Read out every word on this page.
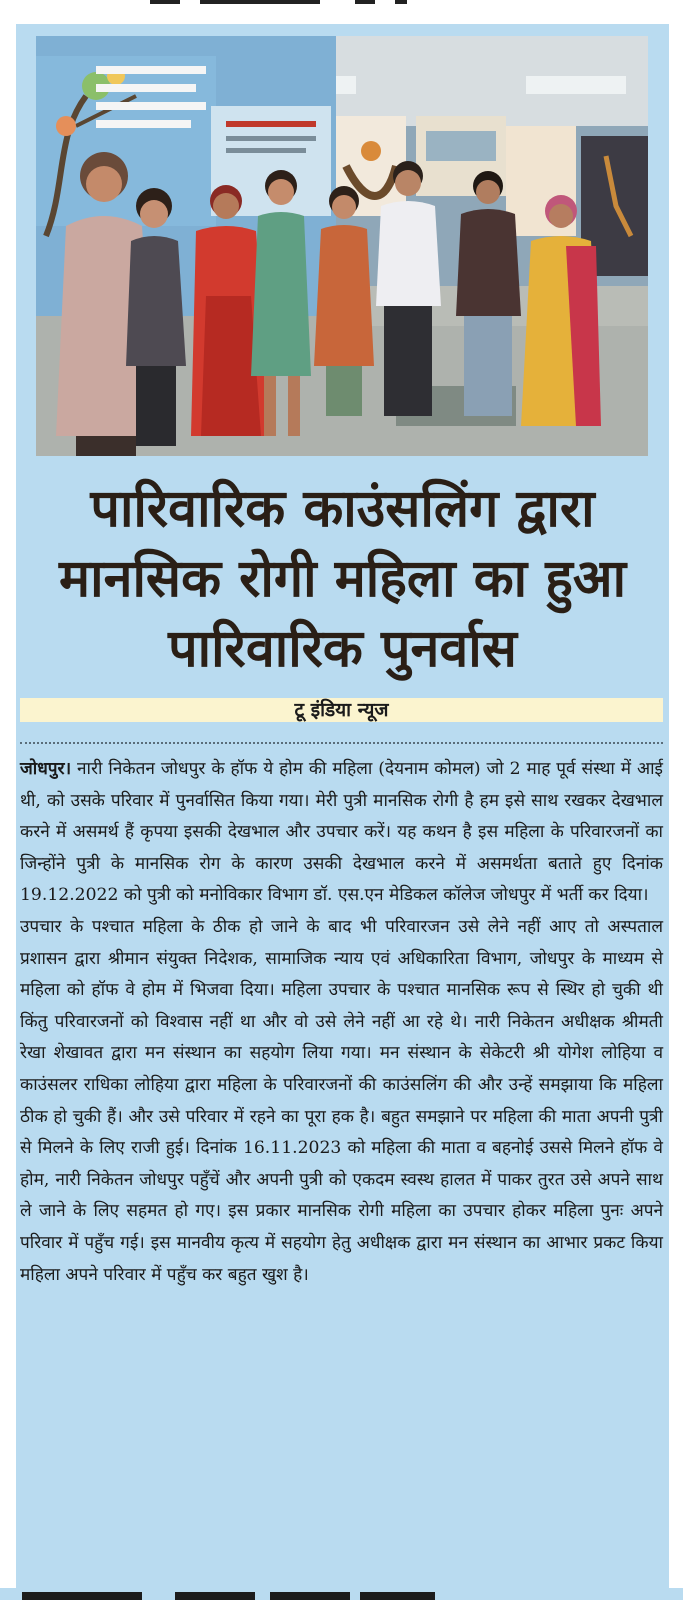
पारिवारिक काउंसलिंग द्वारा
मानसिक रोगी महिला का हुआ
पारिवारिक पुनर्वास
टू इंडिया न्यूज

जोधपुर। नारी निकेतन जोधपुर के हॉफ ये होम की महिला (देयनाम कोमल) जो 2 माह पूर्व संस्था में आई थी, को उसके परिवार में पुनर्वासित किया गया। मेरी पुत्री मानसिक रोगी है हम इसे साथ रखकर देखभाल करने में असमर्थ हैं कृपया इसकी देखभाल और उपचार करें। यह कथन है इस महिला के परिवारजनों का जिन्होंने पुत्री के मानसिक रोग के कारण उसकी देखभाल करने में असमर्थता बताते हुए दिनांक 19.12.2022 को पुत्री को मनोविकार विभाग डॉ. एस.एन मेडिकल कॉलेज जोधपुर में भर्ती कर दिया।

उपचार के पश्चात महिला के ठीक हो जाने के बाद भी परिवारजन उसे लेने नहीं आए तो अस्पताल प्रशासन द्वारा श्रीमान संयुक्त निदेशक, सामाजिक न्याय एवं अधिकारिता विभाग, जोधपुर के माध्यम से महिला को हॉफ वे होम में भिजवा दिया। महिला उपचार के पश्चात मानसिक रूप से स्थिर हो चुकी थी किंतु परिवारजनों को विश्वास नहीं था और वो उसे लेने नहीं आ रहे थे। नारी निकेतन अधीक्षक श्रीमती रेखा शेखावत द्वारा मन संस्थान का सहयोग लिया गया। मन संस्थान के सेकेटरी श्री योगेश लोहिया व काउंसलर राधिका लोहिया द्वारा महिला के परिवारजनों की काउंसलिंग की और उन्हें समझाया कि महिला ठीक हो चुकी हैं। और उसे परिवार में रहने का पूरा हक है। बहुत समझाने पर महिला की माता अपनी पुत्री से मिलने के लिए राजी हुई। दिनांक 16.11.2023 को महिला की माता व बहनोई उससे मिलने हॉफ वे होम, नारी निकेतन जोधपुर पहुँचें और अपनी पुत्री को एकदम स्वस्थ हालत में पाकर तुरत उसे अपने साथ ले जाने के लिए सहमत हो गए। इस प्रकार मानसिक रोगी महिला का उपचार होकर महिला पुनः अपने परिवार में पहुँच गई। इस मानवीय कृत्य में सहयोग हेतु अधीक्षक द्वारा मन संस्थान का आभार प्रकट किया महिला अपने परिवार में पहुँच कर बहुत खुश है।
